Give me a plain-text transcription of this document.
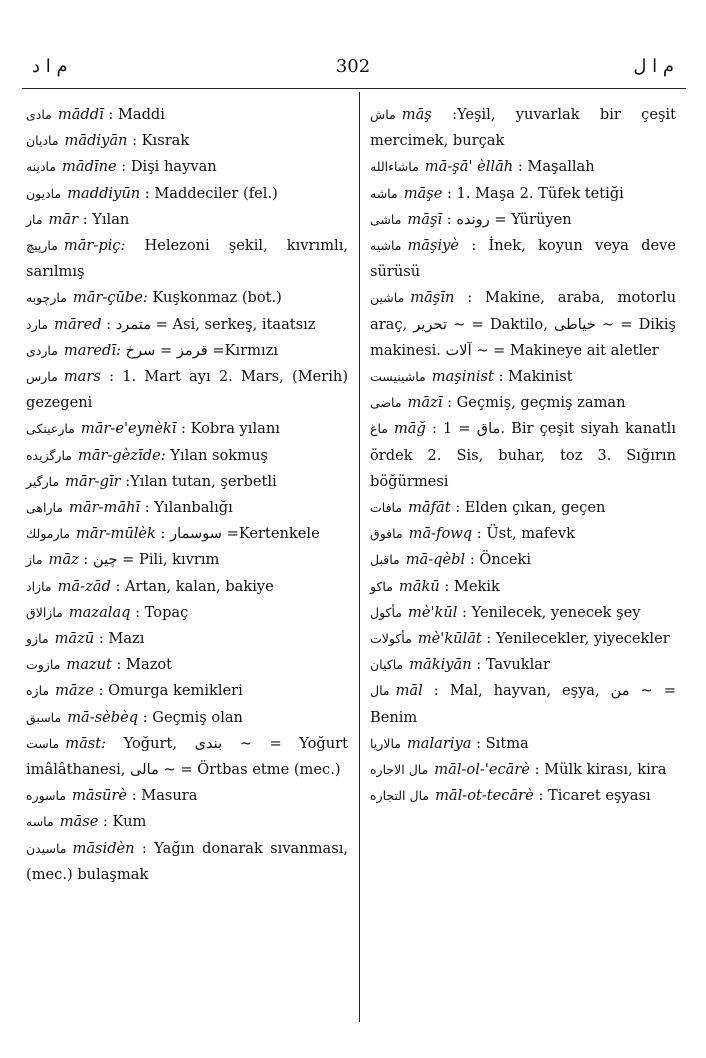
م ا د	302	م ا ل
مادى māddī : Maddi
ماديان mādiyān : Kısrak
مادينه mādīne : Dişi hayvan
ماديون maddiyūn : Maddeciler (fel.)
مار mār : Yılan
مارپيچ mār-piç: Helezoni şekil, kıvrımlı, sarılmış
مارچوبه mār-çūbe: Kuşkonmaz (bot.)
مارد māred : متمرد = Asi, serkeş, itaatsız
ماردى maredī: قرمز = سرخ =Kırmızı
مارس mars : 1. Mart ayı 2. Mars, (Merih) gezegeni
مارعينكى mār-e'eynèkī : Kobra yılanı
مارگزيده mār-gèzīde: Yılan sokmuş
مارگير mār-gīr :Yılan tutan, şerbetli
ماراهى mār-māhī : Yılanbalığı
مارمولك mār-mūlèk : سوسمار =Kertenkele
ماز māz : چين = Pili, kıvrım
مازاد mā-zād : Artan, kalan, bakiye
مازالاق mazalaq : Topaç
مازو māzū : Mazı
مازوت mazut : Mazot
مازه māze : Omurga kemikleri
ماسبق mā-sèbèq : Geçmiş olan
ماست māst: Yoğurt, بندى ~ = Yoğurt imâlâthanesi, مالى ~ = Örtbas etme (mec.)
ماسوره māsūrè : Masura
ماسه māse : Kum
ماسيدن māsidèn : Yağın donarak sıvanması, (mec.) bulaşmak
ماش māş :Yeşil, yuvarlak bir çeşit mercimek, burçak
ماشاءالله mā-şā' èllāh : Maşallah
ماشه māşe : 1. Maşa 2. Tüfek tetiği
ماشى māşī : رونده = Yürüyen
ماشيه māşiyè : İnek, koyun veya deve sürüsü
ماشين māşīn : Makine, araba, motorlu araç, تحرير ~ = Daktilo, خياطى ~ = Dikiş makinesi. آلات ~ = Makineye ait aletler
ماشينيست maşinist : Makinist
ماضى māzī : Geçmiş, geçmiş zaman
ماغ māğ : ماق = 1. Bir çeşit siyah kanatlı ördek 2. Sis, buhar, toz 3. Sığırın böğürmesi
مافات māfāt : Elden çıkan, geçen
مافوق mā-fowq : Üst, mafevk
ماقبل mā-qèbl : Önceki
ماكو mākū : Mekik
مأكول mè'kūl : Yenilecek, yenecek şey
مأكولات mè'kūlāt : Yenilecekler, yiyecekler
ماكيان mākiyān : Tavuklar
مال māl : Mal, hayvan, eşya, من ~ = Benim
مالاريا malariya : Sıtma
مال الاجاره māl-ol-'ecārè : Mülk kirası, kira
مال التجاره māl-ot-tecārè : Ticaret eşyası
